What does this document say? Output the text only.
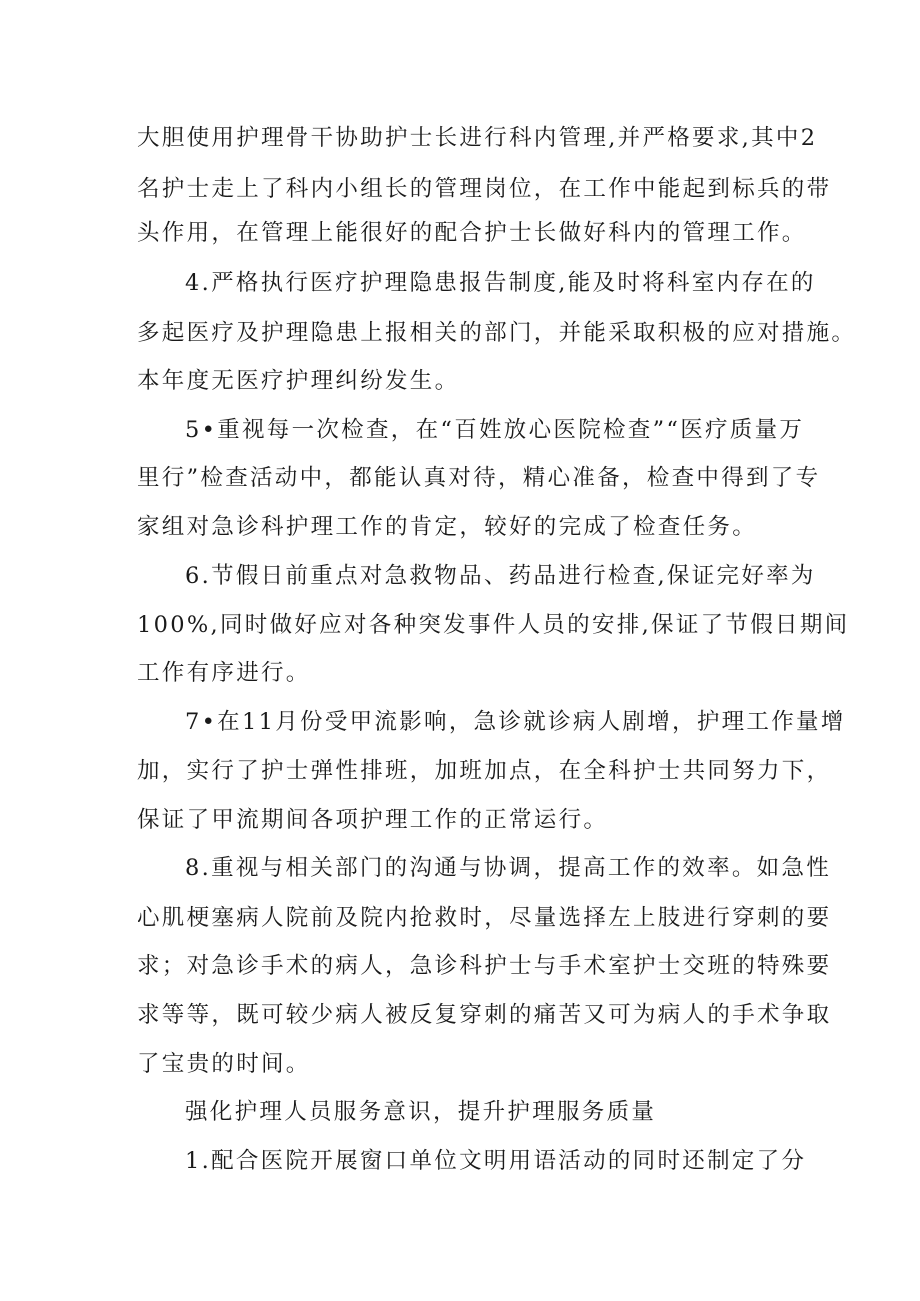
大胆使用护理骨干协助护士长进行科内管理,并严格要求,其中2
名护士走上了科内小组长的管理岗位，在工作中能起到标兵的带
头作用，在管理上能很好的配合护士长做好科内的管理工作。
4.严格执行医疗护理隐患报告制度,能及时将科室内存在的
多起医疗及护理隐患上报相关的部门，并能采取积极的应对措施。
本年度无医疗护理纠纷发生。
5•重视每一次检查，在“百姓放心医院检查”“医疗质量万
里行”检查活动中，都能认真对待，精心准备，检查中得到了专
家组对急诊科护理工作的肯定，较好的完成了检查任务。
6.节假日前重点对急救物品、药品进行检查,保证完好率为
100%,同时做好应对各种突发事件人员的安排,保证了节假日期间
工作有序进行。
7•在11月份受甲流影响，急诊就诊病人剧增，护理工作量增
加，实行了护士弹性排班，加班加点，在全科护士共同努力下，
保证了甲流期间各项护理工作的正常运行。
8.重视与相关部门的沟通与协调，提高工作的效率。如急性
心肌梗塞病人院前及院内抢救时，尽量选择左上肢进行穿刺的要
求；对急诊手术的病人，急诊科护士与手术室护士交班的特殊要
求等等，既可较少病人被反复穿刺的痛苦又可为病人的手术争取
了宝贵的时间。
强化护理人员服务意识，提升护理服务质量
1.配合医院开展窗口单位文明用语活动的同时还制定了分
